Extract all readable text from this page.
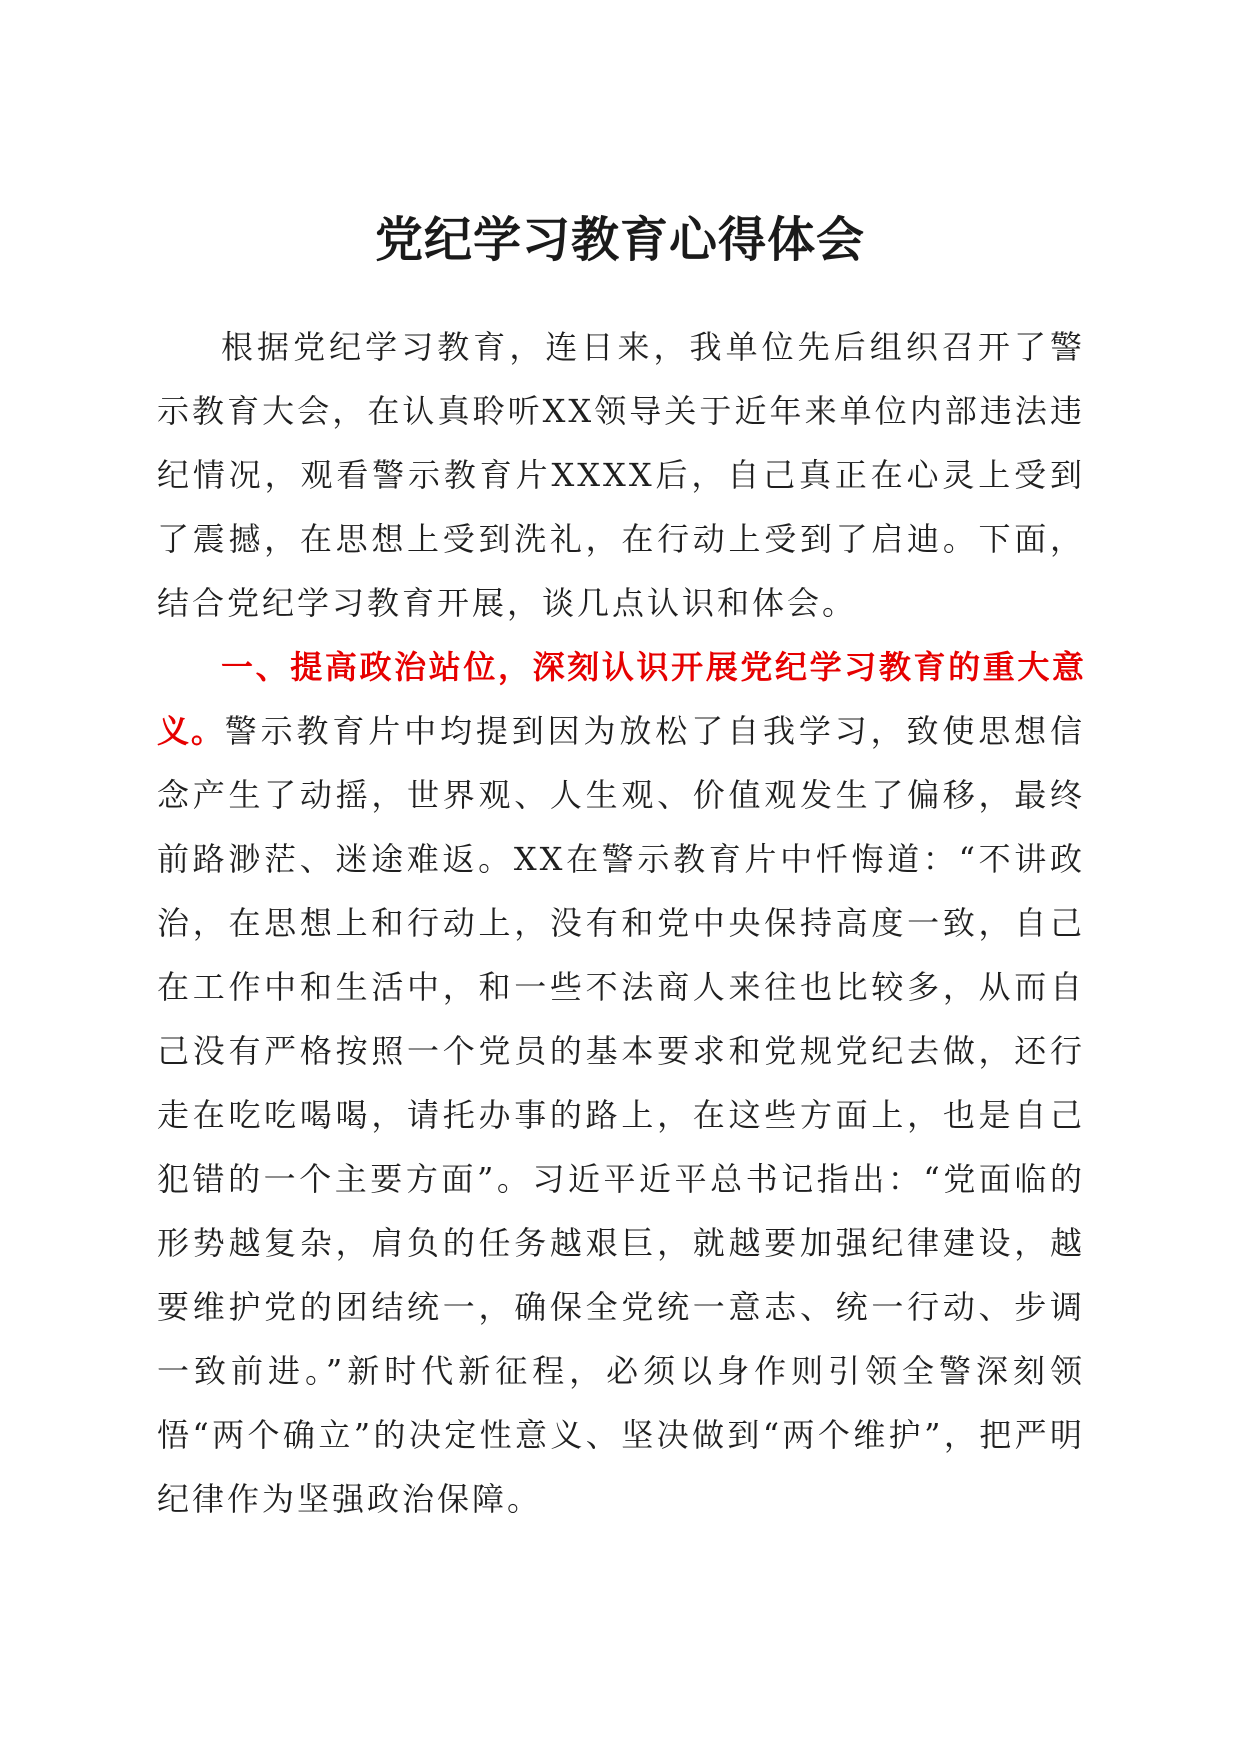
党纪学习教育心得体会

根据党纪学习教育，连日来，我单位先后组织召开了警示教育大会，在认真聆听XX领导关于近年来单位内部违法违纪情况，观看警示教育片XXXX后，自己真正在心灵上受到了震撼，在思想上受到洗礼，在行动上受到了启迪。下面，结合党纪学习教育开展，谈几点认识和体会。

一、提高政治站位，深刻认识开展党纪学习教育的重大意义。警示教育片中均提到因为放松了自我学习，致使思想信念产生了动摇，世界观、人生观、价值观发生了偏移，最终前路渺茫、迷途难返。XX在警示教育片中忏悔道：“不讲政治，在思想上和行动上，没有和党中央保持高度一致，自己在工作中和生活中，和一些不法商人来往也比较多，从而自己没有严格按照一个党员的基本要求和党规党纪去做，还行走在吃吃喝喝，请托办事的路上，在这些方面上，也是自己犯错的一个主要方面”。习近平近平总书记指出：“党面临的形势越复杂，肩负的任务越艰巨，就越要加强纪律建设，越要维护党的团结统一，确保全党统一意志、统一行动、步调一致前进。”新时代新征程，必须以身作则引领全警深刻领悟“两个确立”的决定性意义、坚决做到“两个维护”，把严明纪律作为坚强政治保障。
